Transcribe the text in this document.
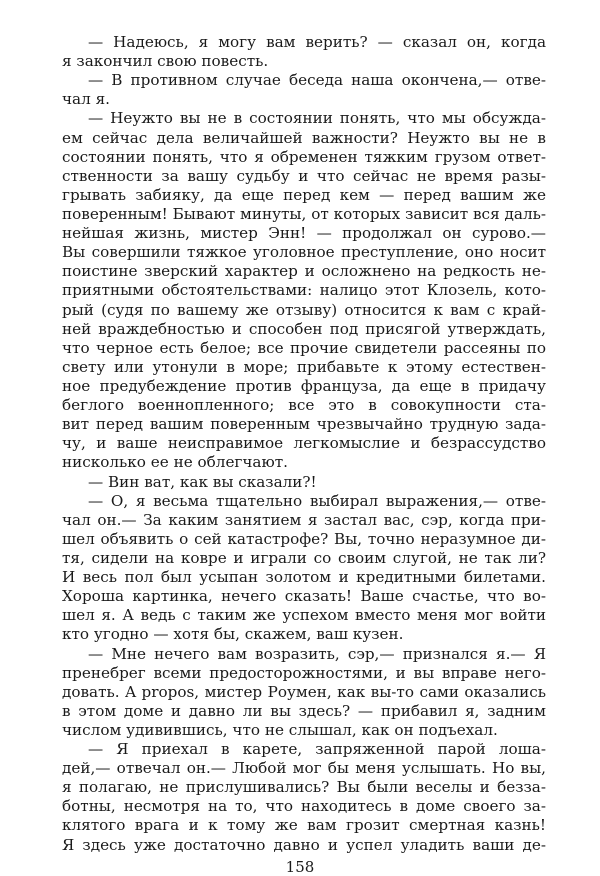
— Надеюсь, я могу вам верить? — сказал он, когда
я закончил свою повесть.
— В противном случае беседа наша окончена,— отве-
чал я.
— Неужто вы не в состоянии понять, что мы обсужда-
ем сейчас дела величайшей важности? Неужто вы не в
состоянии понять, что я обременен тяжким грузом ответ-
ственности за вашу судьбу и что сейчас не время разы-
грывать забияку, да еще перед кем — перед вашим же
поверенным! Бывают минуты, от которых зависит вся даль-
нейшая жизнь, мистер Энн! — продолжал он сурово.—
Вы совершили тяжкое уголовное преступление, оно носит
поистине зверский характер и осложнено на редкость не-
приятными обстоятельствами: налицо этот Клозель, кото-
рый (судя по вашему же отзыву) относится к вам с край-
ней враждебностью и способен под присягой утверждать,
что черное есть белое; все прочие свидетели рассеяны по
свету или утонули в море; прибавьте к этому естествен-
ное предубеждение против француза, да еще в придачу
беглого военнопленного; все это в совокупности ста-
вит перед вашим поверенным чрезвычайно трудную зада-
чу, и ваше неисправимое легкомыслие и безрассудство
нисколько ее не облегчают.
— Вин ват, как вы сказали?!
— О, я весьма тщательно выбирал выражения,— отве-
чал он.— За каким занятием я застал вас, сэр, когда при-
шел объявить о сей катастрофе? Вы, точно неразумное ди-
тя, сидели на ковре и играли со своим слугой, не так ли?
И весь пол был усыпан золотом и кредитными билетами.
Хороша картинка, нечего сказать! Ваше счастье, что во-
шел я. А ведь с таким же успехом вместо меня мог войти
кто угодно — хотя бы, скажем, ваш кузен.
— Мне нечего вам возразить, сэр,— признался я.— Я
пренебрег всеми предосторожностями, и вы вправе него-
довать. A propos, мистер Роумен, как вы-то сами оказались
в этом доме и давно ли вы здесь? — прибавил я, задним
числом удивившись, что не слышал, как он подъехал.
— Я приехал в карете, запряженной парой лоша-
дей,— отвечал он.— Любой мог бы меня услышать. Но вы,
я полагаю, не прислушивались? Вы были веселы и безза-
ботны, несмотря на то, что находитесь в доме своего за-
клятого врага и к тому же вам грозит смертная казнь!
Я здесь уже достаточно давно и успел уладить ваши де-
158
